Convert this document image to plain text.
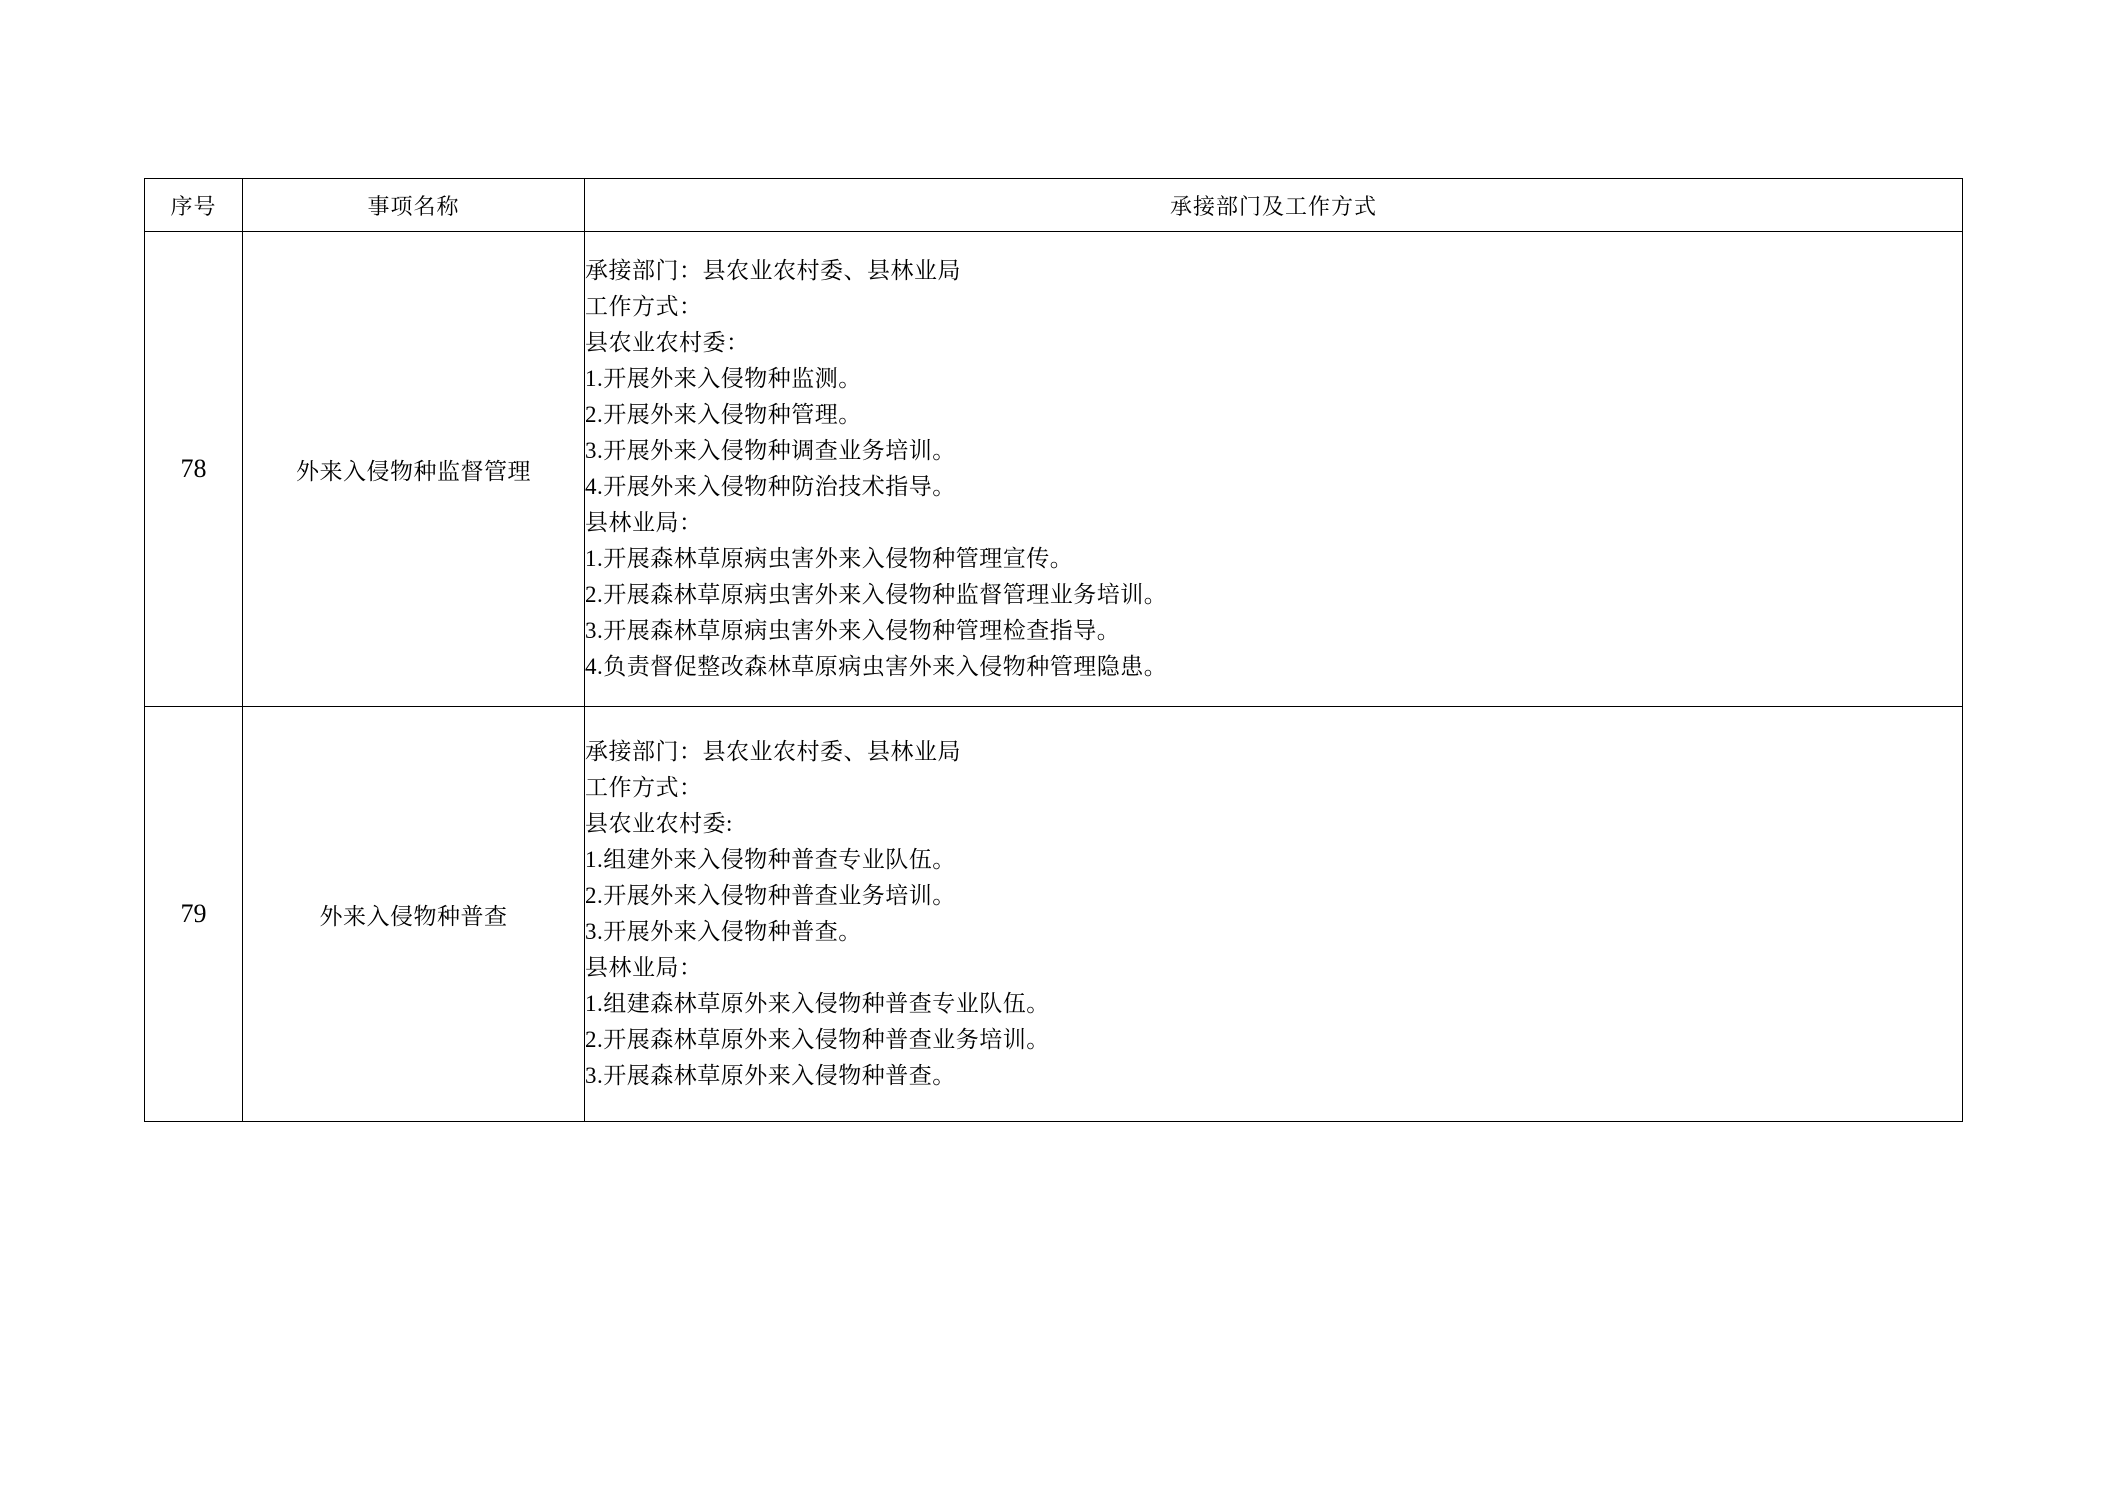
序号	事项名称	承接部门及工作方式
78	外来入侵物种监督管理	
承接部门：县农业农村委、县林业局
工作方式：
县农业农村委：
1.开展外来入侵物种监测。
2.开展外来入侵物种管理。
3.开展外来入侵物种调查业务培训。
4.开展外来入侵物种防治技术指导。
县林业局：
1.开展森林草原病虫害外来入侵物种管理宣传。
2.开展森林草原病虫害外来入侵物种监督管理业务培训。
3.开展森林草原病虫害外来入侵物种管理检查指导。
4.负责督促整改森林草原病虫害外来入侵物种管理隐患。

79	外来入侵物种普查	
承接部门：县农业农村委、县林业局
工作方式：
县农业农村委:
1.组建外来入侵物种普查专业队伍。
2.开展外来入侵物种普查业务培训。
3.开展外来入侵物种普查。
县林业局：
1.组建森林草原外来入侵物种普查专业队伍。
2.开展森林草原外来入侵物种普查业务培训。
3.开展森林草原外来入侵物种普查。
